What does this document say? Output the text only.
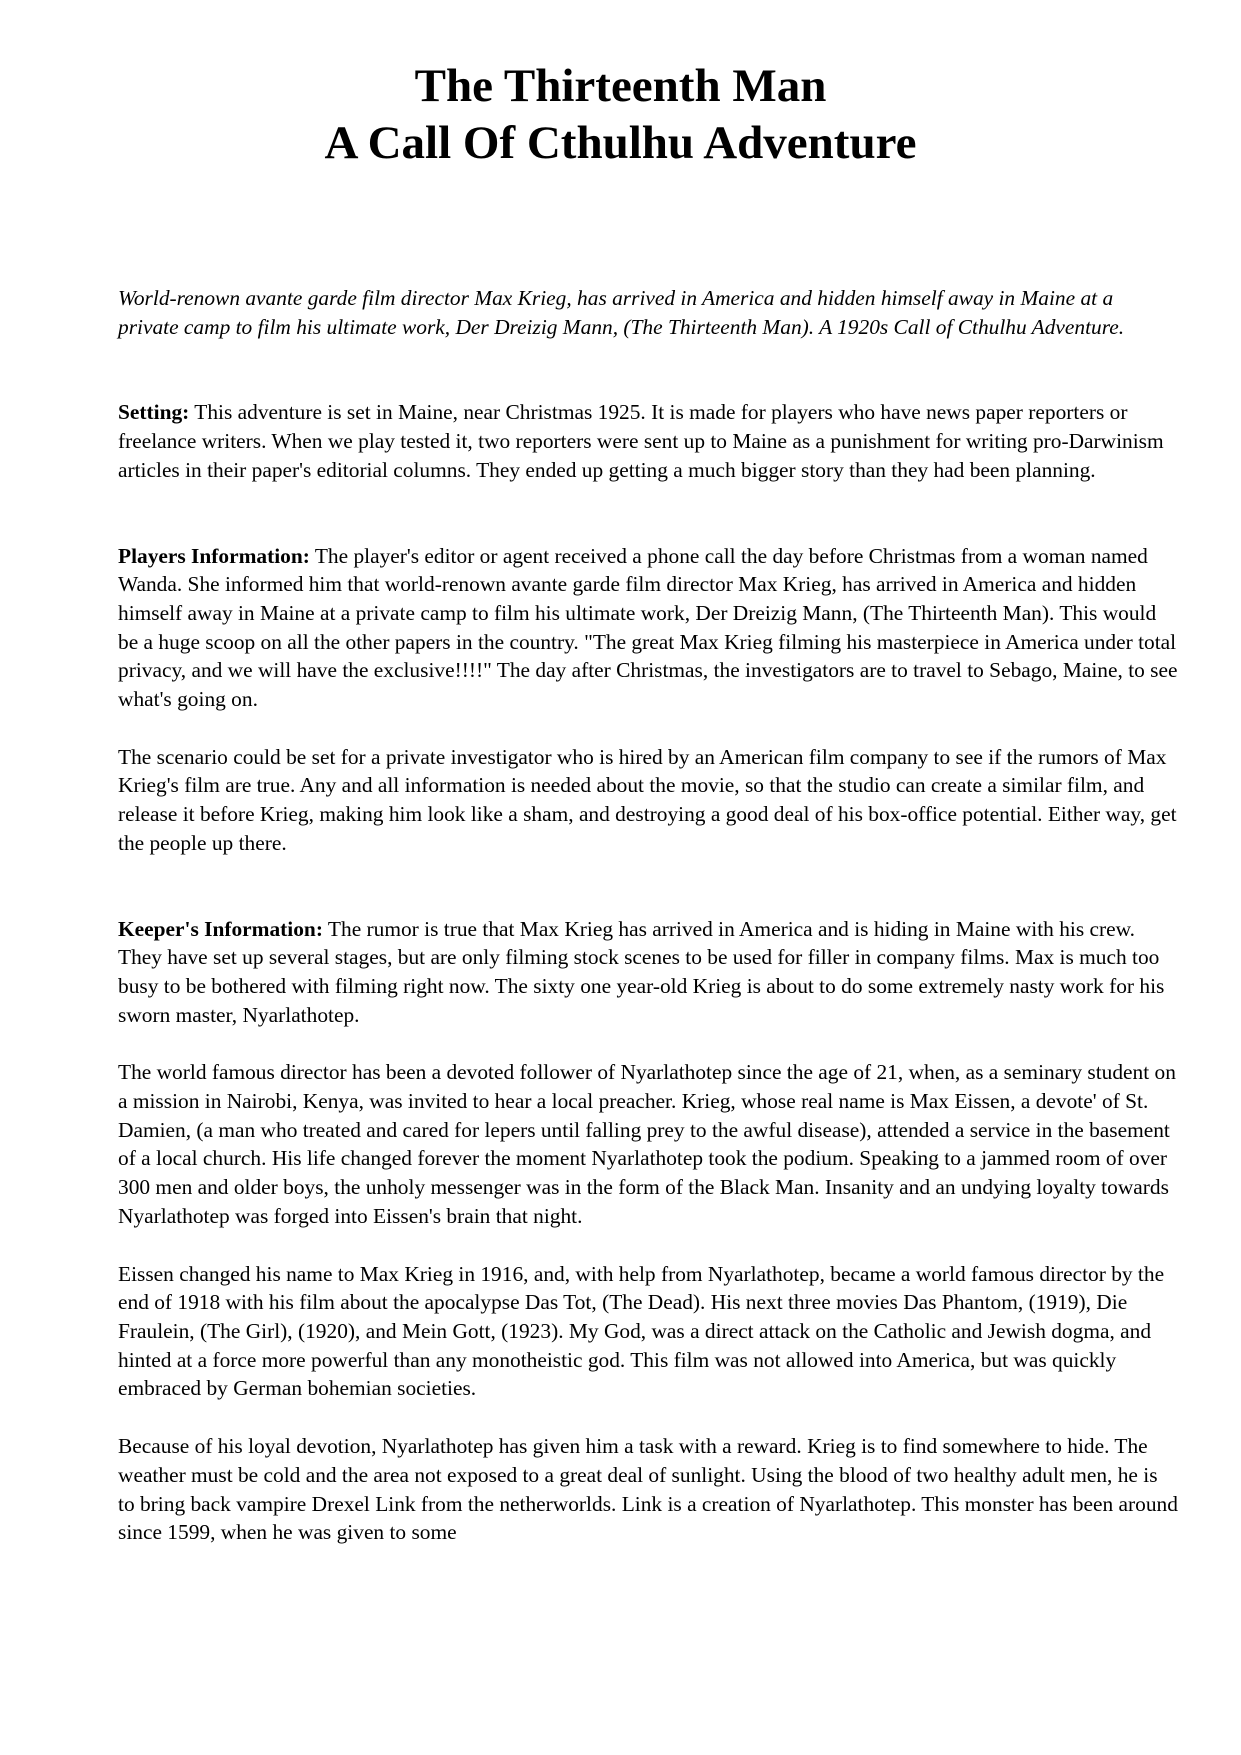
The Thirteenth Man
A Call Of Cthulhu Adventure

World-renown avante garde film director Max Krieg, has arrived in America and hidden himself away in Maine at a private camp to film his ultimate work, Der Dreizig Mann, (The Thirteenth Man). A 1920s Call of Cthulhu Adventure.

Setting: This adventure is set in Maine, near Christmas 1925. It is made for players who have news paper reporters or freelance writers. When we play tested it, two reporters were sent up to Maine as a punishment for writing pro-Darwinism articles in their paper's editorial columns. They ended up getting a much bigger story than they had been planning.

Players Information: The player's editor or agent received a phone call the day before Christmas from a woman named Wanda. She informed him that world-renown avante garde film director Max Krieg, has arrived in America and hidden himself away in Maine at a private camp to film his ultimate work, Der Dreizig Mann, (The Thirteenth Man). This would be a huge scoop on all the other papers in the country. "The great Max Krieg filming his masterpiece in America under total privacy, and we will have the exclusive!!!!" The day after Christmas, the investigators are to travel to Sebago, Maine, to see what's going on.

The scenario could be set for a private investigator who is hired by an American film company to see if the rumors of Max Krieg's film are true. Any and all information is needed about the movie, so that the studio can create a similar film, and release it before Krieg, making him look like a sham, and destroying a good deal of his box-office potential. Either way, get the people up there.

Keeper's Information: The rumor is true that Max Krieg has arrived in America and is hiding in Maine with his crew. They have set up several stages, but are only filming stock scenes to be used for filler in company films. Max is much too busy to be bothered with filming right now. The sixty one year-old Krieg is about to do some extremely nasty work for his sworn master, Nyarlathotep.

The world famous director has been a devoted follower of Nyarlathotep since the age of 21, when, as a seminary student on a mission in Nairobi, Kenya, was invited to hear a local preacher. Krieg, whose real name is Max Eissen, a devote' of St. Damien, (a man who treated and cared for lepers until falling prey to the awful disease), attended a service in the basement of a local church. His life changed forever the moment Nyarlathotep took the podium. Speaking to a jammed room of over 300 men and older boys, the unholy messenger was in the form of the Black Man. Insanity and an undying loyalty towards Nyarlathotep was forged into Eissen's brain that night.

Eissen changed his name to Max Krieg in 1916, and, with help from Nyarlathotep, became a world famous director by the end of 1918 with his film about the apocalypse Das Tot, (The Dead). His next three movies Das Phantom, (1919), Die Fraulein, (The Girl), (1920), and Mein Gott, (1923). My God, was a direct attack on the Catholic and Jewish dogma, and hinted at a force more powerful than any monotheistic god. This film was not allowed into America, but was quickly embraced by German bohemian societies.

Because of his loyal devotion, Nyarlathotep has given him a task with a reward. Krieg is to find somewhere to hide. The weather must be cold and the area not exposed to a great deal of sunlight. Using the blood of two healthy adult men, he is to bring back vampire Drexel Link from the netherworlds. Link is a creation of Nyarlathotep. This monster has been around since 1599, when he was given to some
